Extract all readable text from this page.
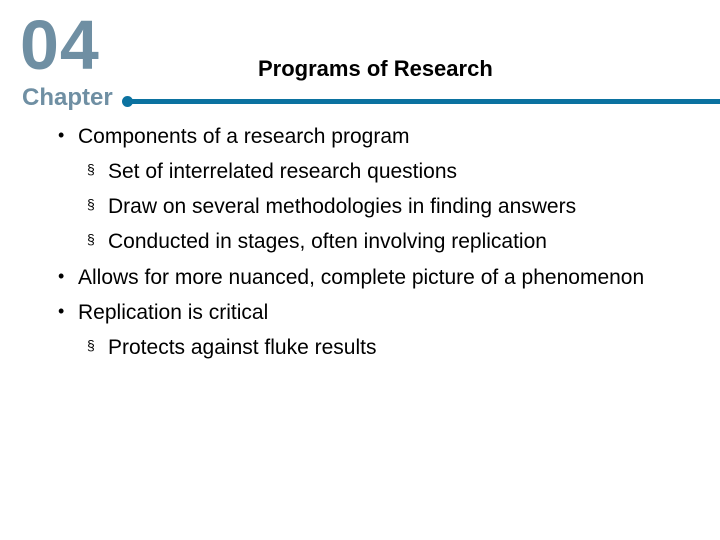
04
Chapter
Programs of Research
• Components of a research program
§ Set of interrelated research questions
§ Draw on several methodologies in finding answers
§ Conducted in stages, often involving replication
• Allows for more nuanced, complete picture of a phenomenon
• Replication is critical
§ Protects against fluke results
